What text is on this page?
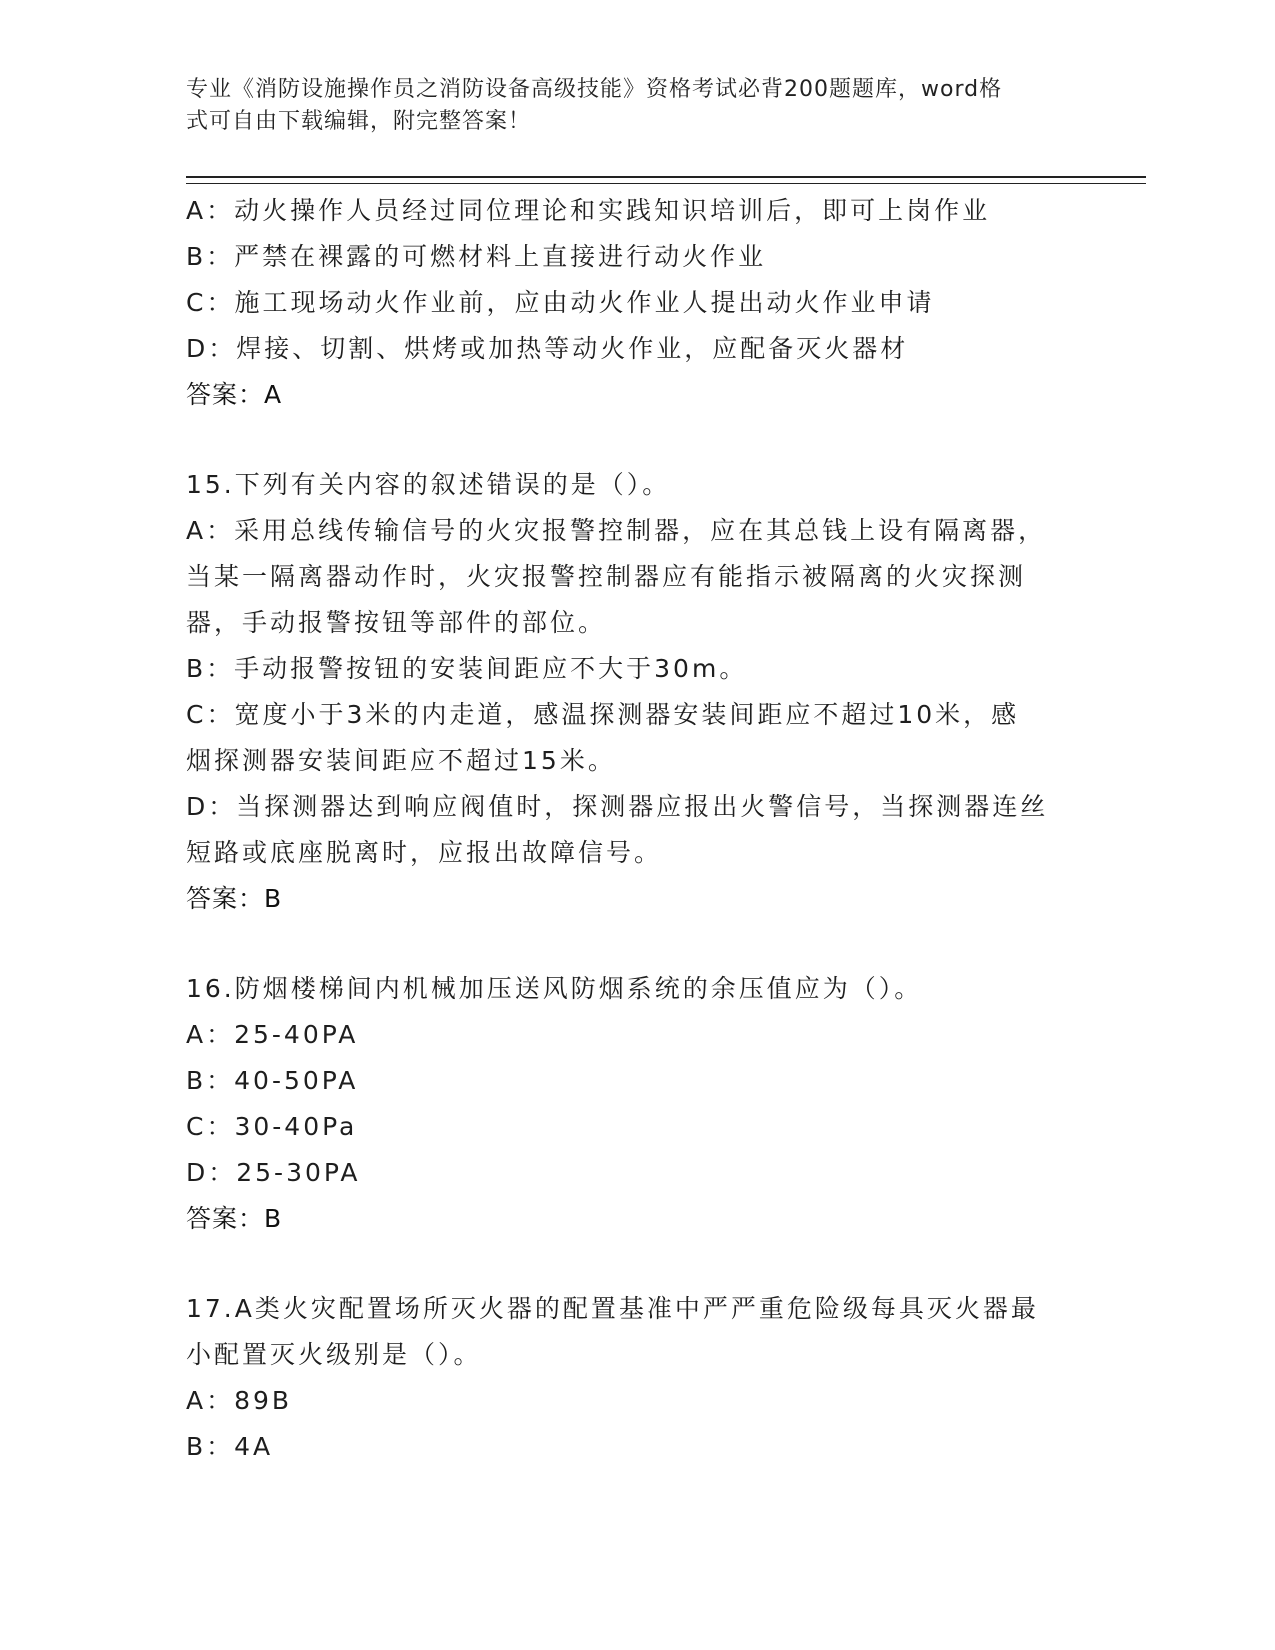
专业《消防设施操作员之消防设备高级技能》资格考试必背200题题库，word格
式可自由下载编辑，附完整答案！
A：动火操作人员经过同位理论和实践知识培训后，即可上岗作业
B：严禁在裸露的可燃材料上直接进行动火作业
C：施工现场动火作业前，应由动火作业人提出动火作业申请
D：焊接、切割、烘烤或加热等动火作业，应配备灭火器材
答案：A
15.下列有关内容的叙述错误的是（）。
A：采用总线传输信号的火灾报警控制器，应在其总钱上设有隔离器，
当某一隔离器动作时，火灾报警控制器应有能指示被隔离的火灾探测
器，手动报警按钮等部件的部位。
B：手动报警按钮的安装间距应不大于30m。
C：宽度小于3米的内走道，感温探测器安装间距应不超过10米，感
烟探测器安装间距应不超过15米。
D：当探测器达到响应阀值时，探测器应报出火警信号，当探测器连丝
短路或底座脱离时，应报出故障信号。
答案：B
16.防烟楼梯间内机械加压送风防烟系统的余压值应为（）。
A：25-40PA
B：40-50PA
C：30-40Pa
D：25-30PA
答案：B
17.A类火灾配置场所灭火器的配置基准中严严重危险级每具灭火器最
小配置灭火级别是（）。
A：89B
B：4A
